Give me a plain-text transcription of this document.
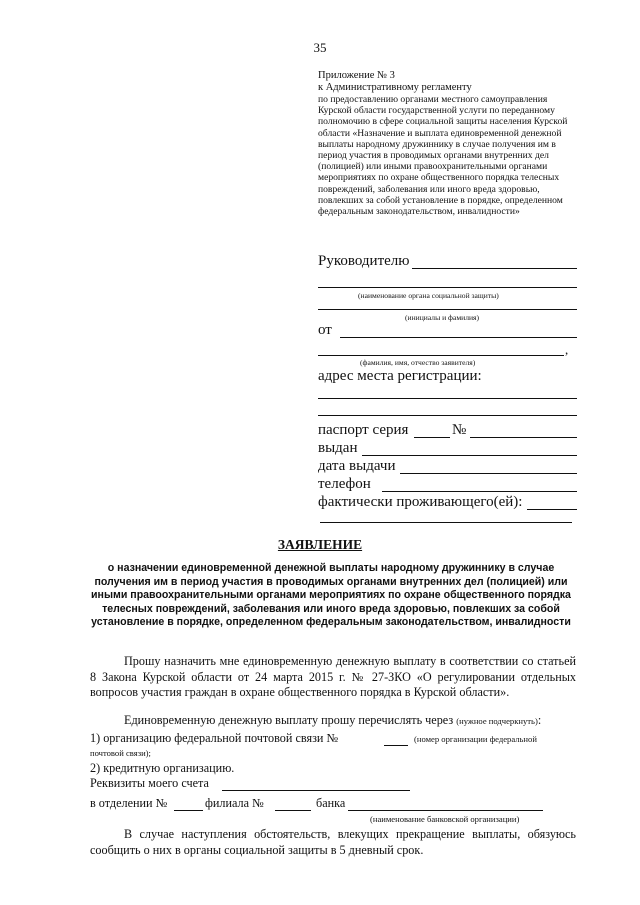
35
Приложение № 3
к Административному регламенту
по предоставлению органами местного самоуправления Курской области государственной услуги по переданному полномочию в сфере социальной защиты населения Курской области «Назначение и выплата единовременной денежной выплаты народному дружиннику в случае получения им в период участия в проводимых органами внутренних дел (полицией) или иными правоохранительными органами мероприятиях по охране общественного порядка телесных повреждений, заболевания или иного вреда здоровью, повлекших за собой установление в порядке, определенном федеральным законодательством, инвалидности»
Руководителю
(наименование органа социальной защиты)
(инициалы и фамилия)
от
,
(фамилия, имя, отчество заявителя)
адрес места регистрации:
паспорт серия	№
выдан
дата выдачи
телефон
фактически проживающего(ей):
ЗАЯВЛЕНИЕ
о назначении единовременной денежной выплаты народному дружиннику в случае получения им в период участия в проводимых органами внутренних дел (полицией) или иными правоохранительными органами мероприятиях по охране общественного порядка телесных повреждений, заболевания или иного вреда здоровью, повлекших за собой установление в порядке, определенном федеральным законодательством, инвалидности
Прошу назначить мне единовременную денежную выплату в соответствии со статьей 8 Закона Курской области от 24 марта 2015 г. № 27-ЗКО «О регулировании отдельных вопросов участия граждан в охране общественного порядка в Курской области».
Единовременную денежную выплату прошу перечислять через (нужное подчеркнуть):
1) организацию федеральной почтовой связи №	(номер организации федеральной
почтовой связи);
2) кредитную организацию.
Реквизиты моего счета
в отделении №	филиала №	банка
(наименование банковской организации)
В случае наступления обстоятельств, влекущих прекращение выплаты, обязуюсь сообщить о них в органы социальной защиты в 5 дневный срок.
